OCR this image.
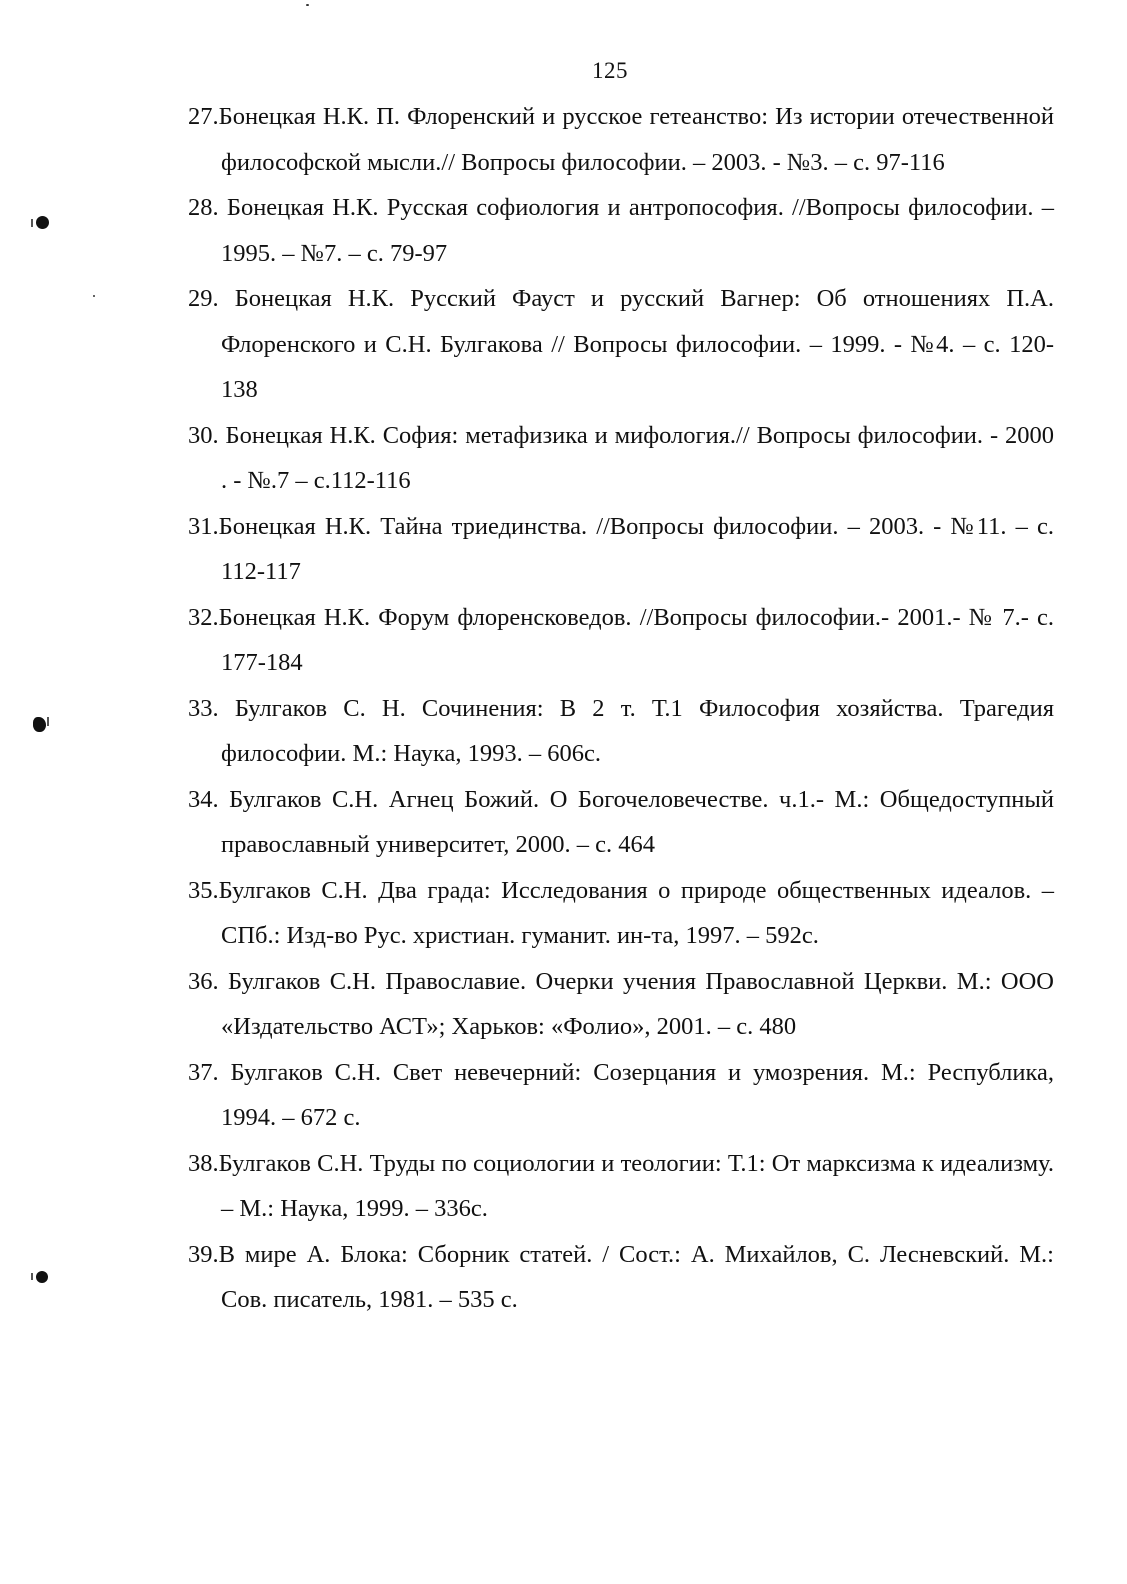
125
27.Бонецкая Н.К. П. Флоренский и русское гетеанство: Из истории отечественной философской мысли.// Вопросы философии. – 2003. - №3. – с. 97-116
28. Бонецкая Н.К. Русская софиология и антропософия. //Вопросы философии. – 1995. – №7. – с. 79-97
29. Бонецкая Н.К. Русский Фауст и русский Вагнер: Об отношениях П.А. Флоренского и С.Н. Булгакова // Вопросы философии. – 1999. - №4. – с. 120-138
30. Бонецкая Н.К. София: метафизика и мифология.// Вопросы философии. - 2000 . - №.7 – с.112-116
31.Бонецкая Н.К. Тайна триединства. //Вопросы философии. – 2003. - №11. – с. 112-117
32.Бонецкая Н.К. Форум флоренсковедов. //Вопросы философии.- 2001.- № 7.- с. 177-184
33. Булгаков С. Н. Сочинения: В 2 т. Т.1 Философия хозяйства. Трагедия философии. М.: Наука, 1993. – 606с.
34. Булгаков С.Н. Агнец Божий. О Богочеловечестве. ч.1.- М.: Общедоступный православный университет, 2000. – с. 464
35.Булгаков С.Н. Два града: Исследования о природе общественных идеалов. – СПб.: Изд-во Рус. христиан. гуманит. ин-та, 1997. – 592с.
36. Булгаков С.Н. Православие. Очерки учения Православной Церкви. М.: ООО «Издательство АСТ»; Харьков: «Фолио», 2001. – с. 480
37. Булгаков С.Н. Свет невечерний: Созерцания и умозрения. М.: Республика, 1994. – 672 с.
38.Булгаков С.Н. Труды по социологии и теологии: Т.1: От марксизма к идеализму. – М.: Наука, 1999. – 336с.
39.В мире А. Блока: Сборник статей. / Сост.: А. Михайлов, С. Лесневский. М.: Сов. писатель, 1981. – 535 с.
